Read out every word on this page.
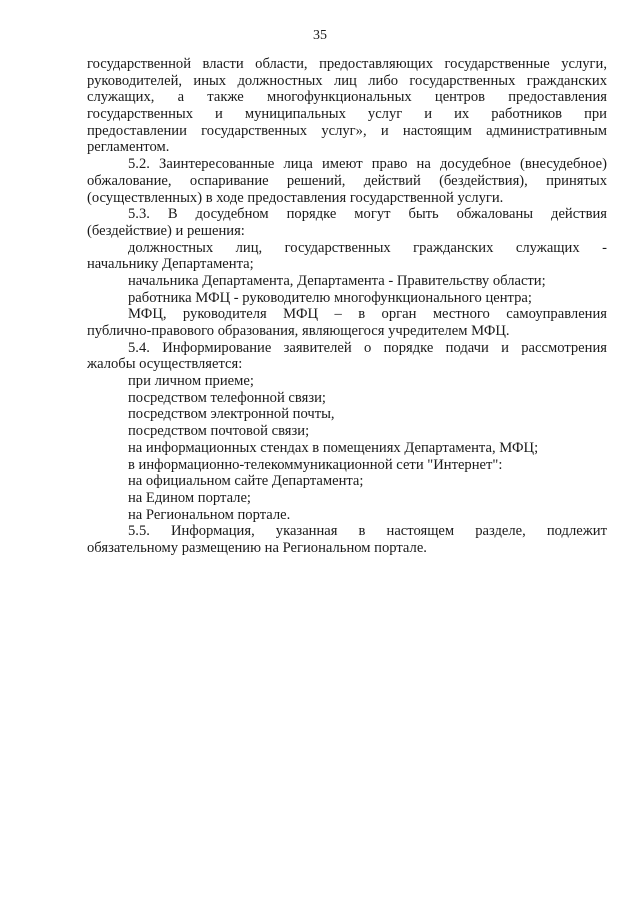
35
государственной власти области, предоставляющих государственные услуги,
руководителей, иных должностных лиц либо государственных гражданских
служащих, а также многофункциональных центров предоставления
государственных и муниципальных услуг и их работников при
предоставлении государственных услуг», и настоящим административным
регламентом.
5.2. Заинтересованные лица имеют право на досудебное (внесудебное)
обжалование, оспаривание решений, действий (бездействия), принятых
(осуществленных) в ходе предоставления государственной услуги.
5.3. В досудебном порядке могут быть обжалованы действия
(бездействие) и решения:
должностных лиц, государственных гражданских служащих -
начальнику Департамента;
начальника Департамента, Департамента - Правительству области;
работника МФЦ - руководителю многофункционального центра;
МФЦ, руководителя МФЦ – в орган местного самоуправления
публично-правового образования, являющегося учредителем МФЦ.
5.4. Информирование заявителей о порядке подачи и рассмотрения
жалобы осуществляется:
при личном приеме;
посредством телефонной связи;
посредством электронной почты,
посредством почтовой связи;
на информационных стендах в помещениях Департамента, МФЦ;
в информационно-телекоммуникационной сети "Интернет":
на официальном сайте Департамента;
на Едином портале;
на Региональном портале.
5.5. Информация, указанная в настоящем разделе, подлежит
обязательному размещению на Региональном портале.
